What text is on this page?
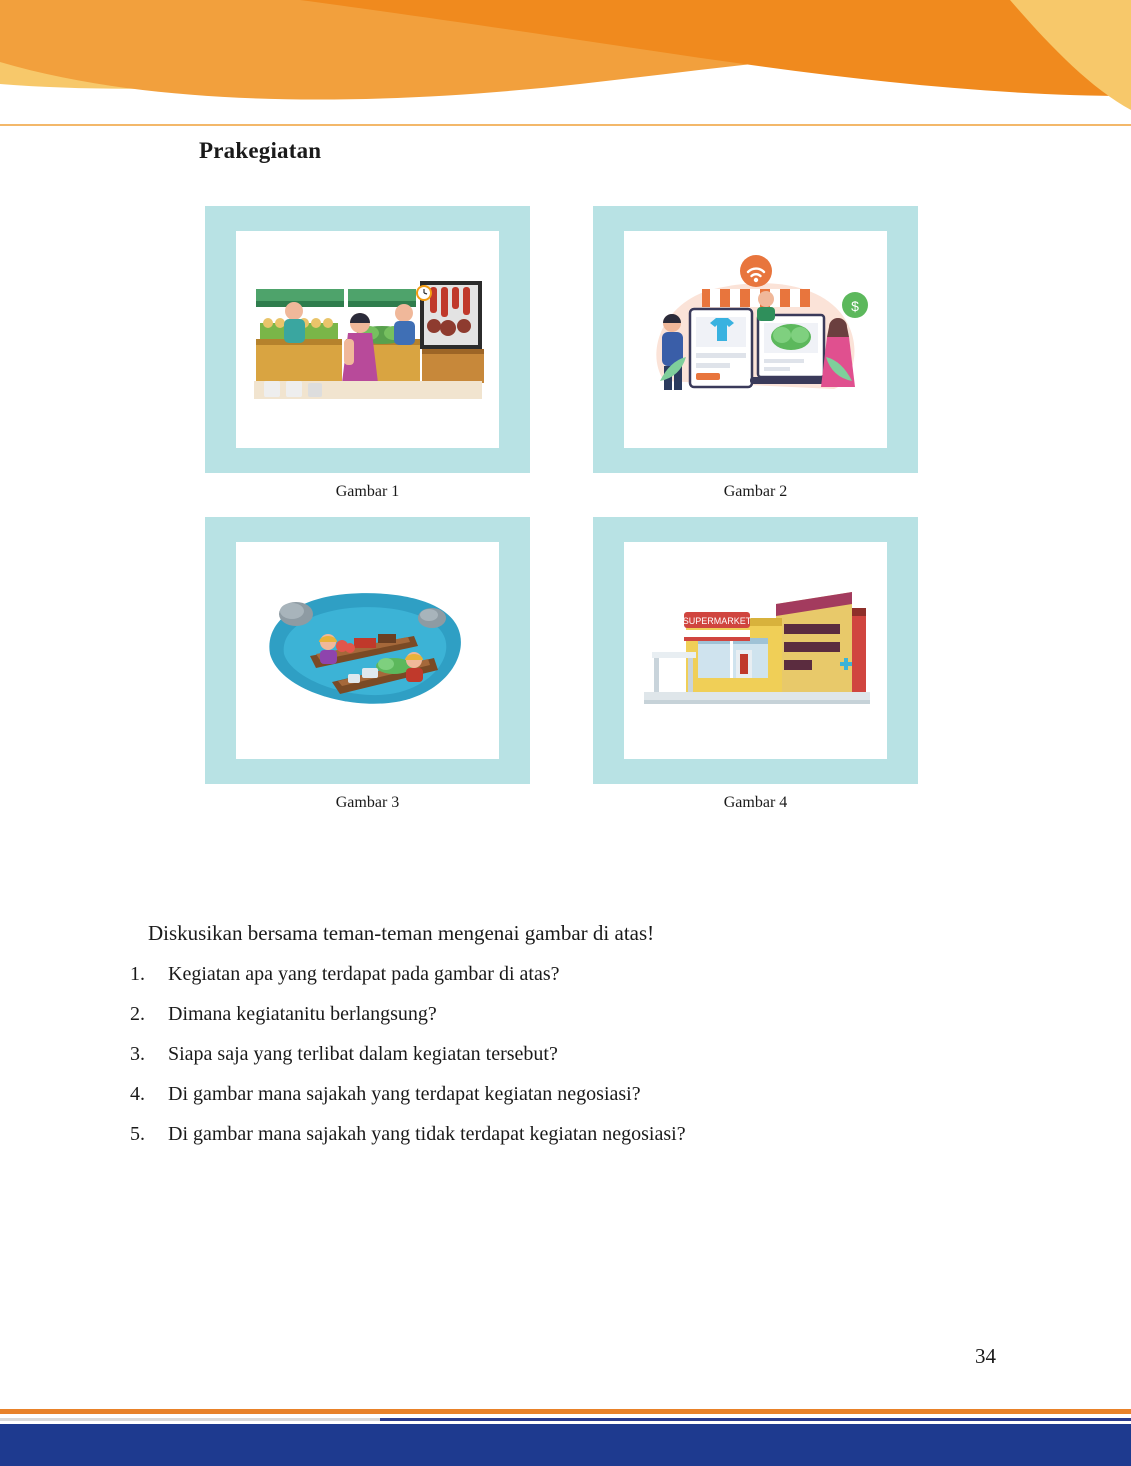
Prakegiatan
Gambar 1
$
Gambar 2
Gambar 3
SUPERMARKET
Gambar 4
Diskusikan bersama teman-teman mengenai gambar di atas!
1.	Kegiatan apa yang terdapat pada gambar di atas?
2.	Dimana kegiatanitu berlangsung?
3.	Siapa saja yang terlibat dalam kegiatan tersebut?
4.	Di gambar mana sajakah yang terdapat kegiatan negosiasi?
5.	Di gambar mana sajakah yang tidak terdapat kegiatan negosiasi?
34
